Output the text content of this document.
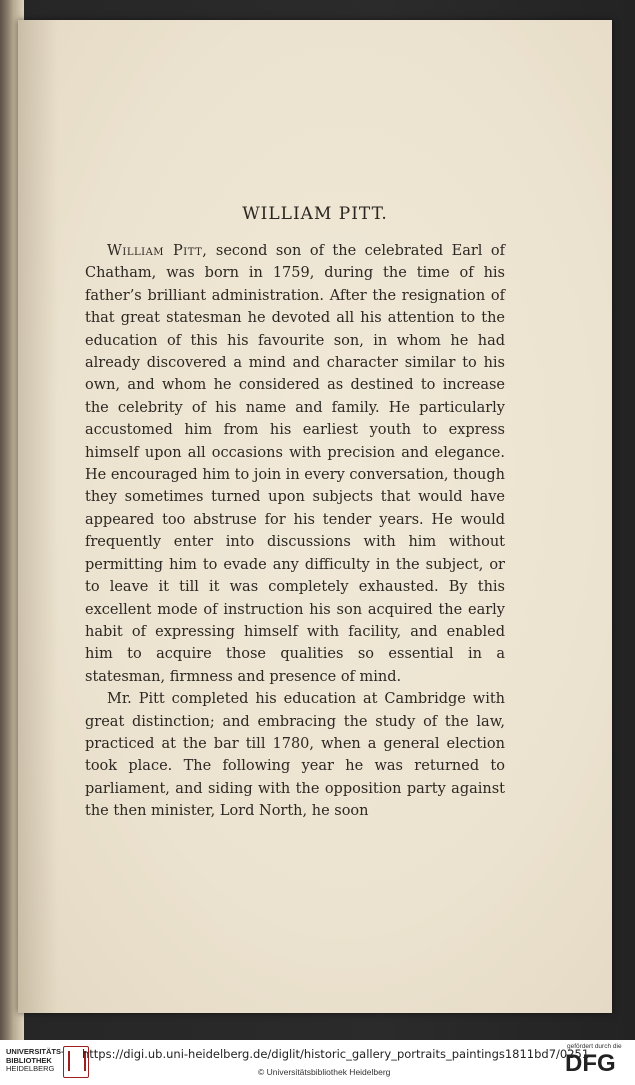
WILLIAM PITT.

William Pitt, second son of the celebrated Earl of Chatham, was born in 1759, during the time of his father’s brilliant administration. After the resignation of that great statesman he devoted all his attention to the education of this his favourite son, in whom he had already discovered a mind and character similar to his own, and whom he considered as destined to increase the celebrity of his name and family. He particularly accustomed him from his earliest youth to express himself upon all occasions with precision and elegance. He encouraged him to join in every conversation, though they sometimes turned upon subjects that would have appeared too abstruse for his tender years. He would frequently enter into discussions with him without permitting him to evade any difficulty in the subject, or to leave it till it was completely exhausted. By this excellent mode of instruction his son acquired the early habit of expressing himself with facility, and enabled him to acquire those qualities so essential in a statesman, firmness and presence of mind.

Mr. Pitt completed his education at Cambridge with great distinction; and embracing the study of the law, practiced at the bar till 1780, when a general election took place. The following year he was returned to parliament, and siding with the opposition party against the then minister, Lord North, he soon

UNIVERSITÄTS-
BIBLIOTHEK
HEIDELBERG
https://digi.ub.uni-heidelberg.de/diglit/historic_gallery_portraits_paintings1811bd7/0251
© Universitätsbibliothek Heidelberg
gefördert durch die
DFG
